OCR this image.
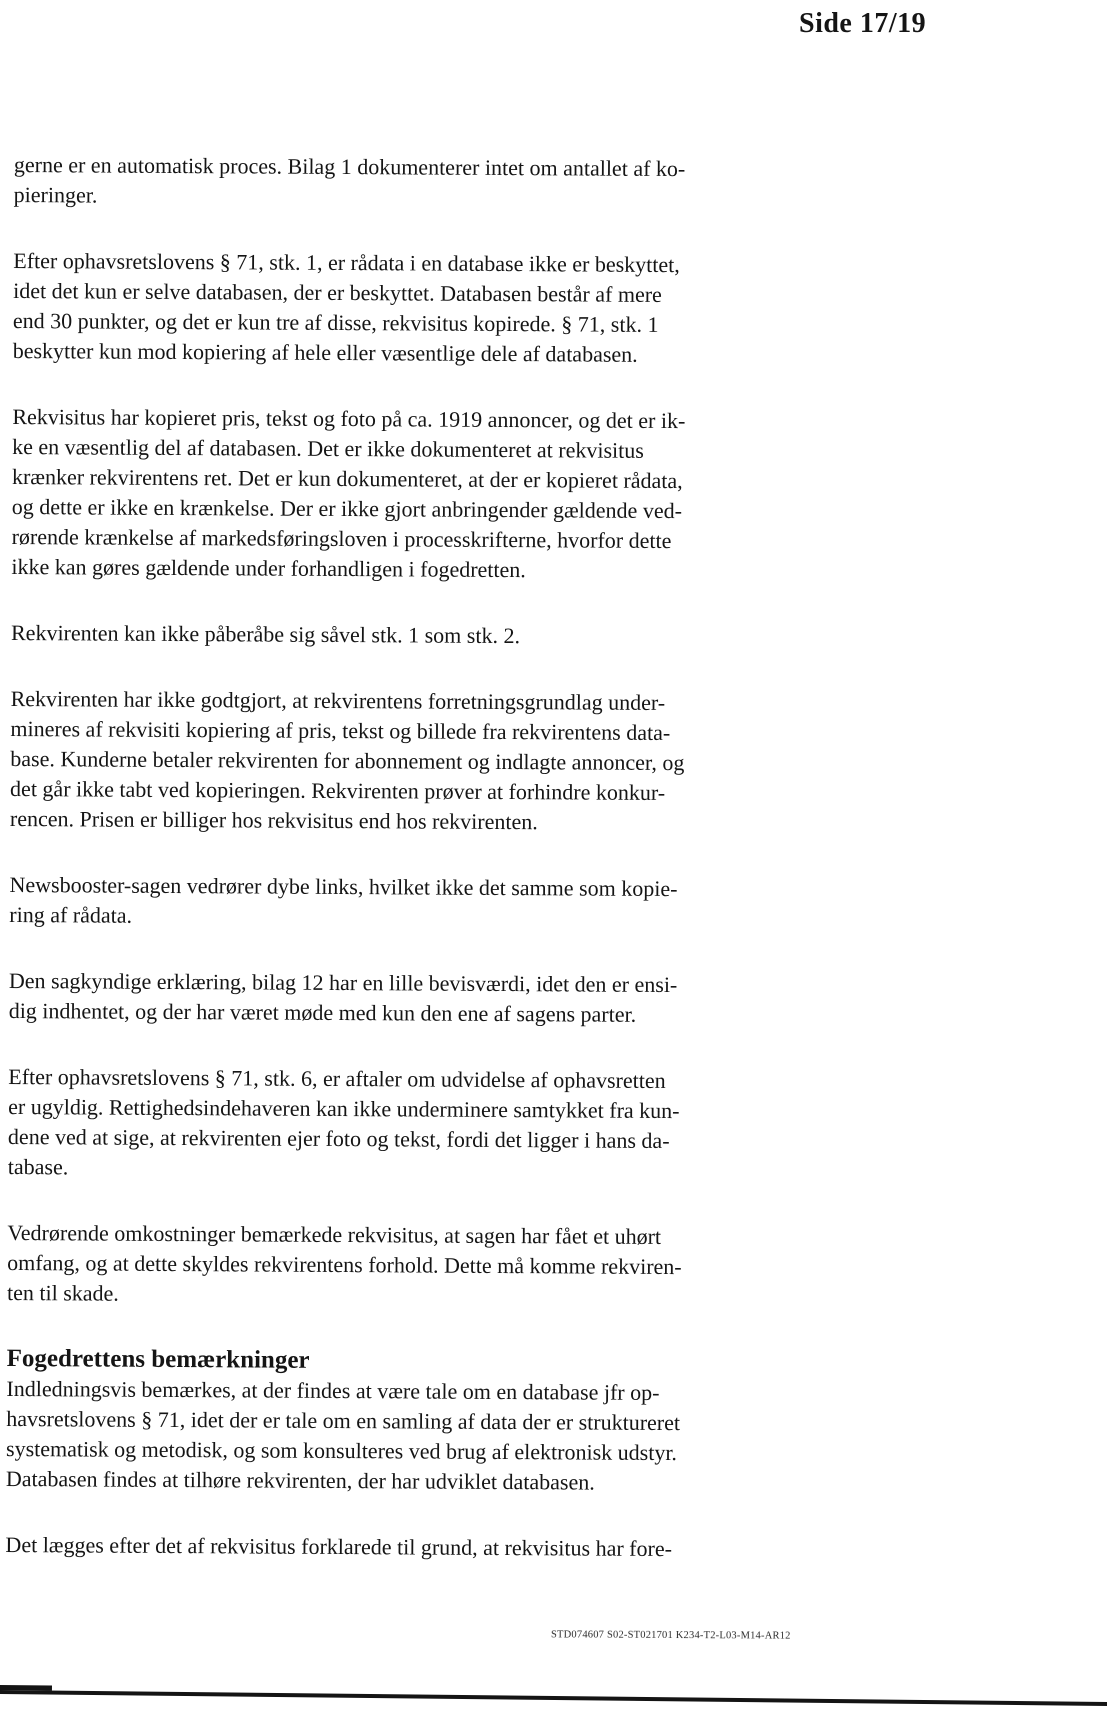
Side 17/19

gerne er en automatisk proces. Bilag 1 dokumenterer intet om antallet af ko-
pieringer.

Efter ophavsretslovens § 71, stk. 1, er rådata i en database ikke er beskyttet,
idet det kun er selve databasen, der er beskyttet. Databasen består af mere
end 30 punkter, og det er kun tre af disse, rekvisitus kopirede. § 71, stk. 1
beskytter kun mod kopiering af hele eller væsentlige dele af databasen.

Rekvisitus har kopieret pris, tekst og foto på ca. 1919 annoncer, og det er ik-
ke en væsentlig del af databasen. Det er ikke dokumenteret at rekvisitus
krænker rekvirentens ret. Det er kun dokumenteret, at der er kopieret rådata,
og dette er ikke en krænkelse. Der er ikke gjort anbringender gældende ved-
rørende krænkelse af markedsføringsloven i processkrifterne, hvorfor dette
ikke kan gøres gældende under forhandligen i fogedretten.

Rekvirenten kan ikke påberåbe sig såvel stk. 1 som stk. 2.

Rekvirenten har ikke godtgjort, at rekvirentens forretningsgrundlag under-
mineres af rekvisiti kopiering af pris, tekst og billede fra rekvirentens data-
base. Kunderne betaler rekvirenten for abonnement og indlagte annoncer, og
det går ikke tabt ved kopieringen. Rekvirenten prøver at forhindre konkur-
rencen. Prisen er billiger hos rekvisitus end hos rekvirenten.

Newsbooster-sagen vedrører dybe links, hvilket ikke det samme som kopie-
ring af rådata.

Den sagkyndige erklæring, bilag 12 har en lille bevisværdi, idet den er ensi-
dig indhentet, og der har været møde med kun den ene af sagens parter.

Efter ophavsretslovens § 71, stk. 6, er aftaler om udvidelse af ophavsretten
er ugyldig. Rettighedsindehaveren kan ikke underminere samtykket fra kun-
dene ved at sige, at rekvirenten ejer foto og tekst, fordi det ligger i hans da-
tabase.

Vedrørende omkostninger bemærkede rekvisitus, at sagen har fået et uhørt
omfang, og at dette skyldes rekvirentens forhold. Dette må komme rekviren-
ten til skade.

Fogedrettens bemærkninger

Indledningsvis bemærkes, at der findes at være tale om en database jfr op-
havsretslovens § 71, idet der er tale om en samling af data der er struktureret
systematisk og metodisk, og som konsulteres ved brug af elektronisk udstyr.
Databasen findes at tilhøre rekvirenten, der har udviklet databasen.

Det lægges efter det af rekvisitus forklarede til grund, at rekvisitus har fore-

STD074607 S02-ST021701 K234-T2-L03-M14-AR12
